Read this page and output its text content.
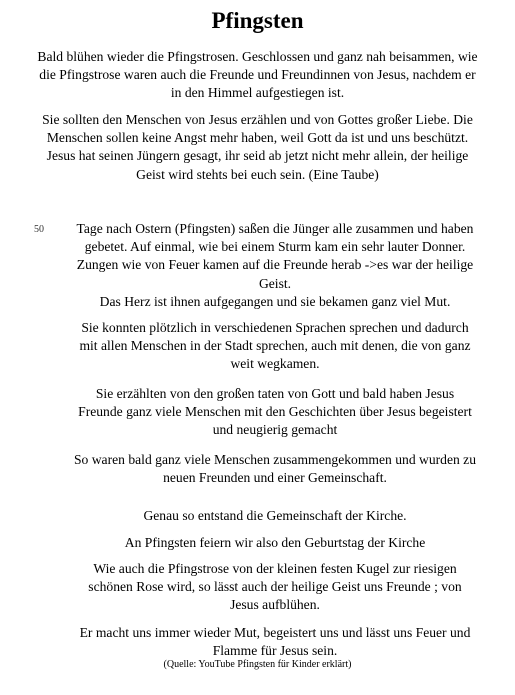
Pfingsten
Bald blühen wieder die Pfingstrosen. Geschlossen und ganz nah beisammen, wie
die Pfingstrose waren auch die Freunde und Freundinnen von Jesus, nachdem er
in den Himmel aufgestiegen ist.
Sie sollten den Menschen von Jesus erzählen und von Gottes großer Liebe. Die
Menschen sollen keine Angst mehr haben, weil Gott da ist und uns beschützt.
Jesus hat seinen Jüngern gesagt, ihr seid ab jetzt nicht mehr allein, der heilige
Geist wird stehts bei euch sein. (Eine Taube)
50	Tage nach Ostern (Pfingsten) saßen die Jünger alle zusammen und haben
gebetet. Auf einmal, wie bei einem Sturm kam ein sehr lauter Donner.
Zungen wie von Feuer kamen auf die Freunde herab ->es war der heilige
Geist.
Das Herz ist ihnen aufgegangen und sie bekamen ganz viel Mut.
Sie konnten plötzlich in verschiedenen Sprachen sprechen und dadurch
mit allen Menschen in der Stadt sprechen, auch mit denen, die von ganz
weit wegkamen.
Sie erzählten von den großen taten von Gott und bald haben Jesus
Freunde ganz viele Menschen mit den Geschichten über Jesus begeistert
und neugierig gemacht
So waren bald ganz viele Menschen zusammengekommen und wurden zu
neuen Freunden und einer Gemeinschaft.
Genau so entstand die Gemeinschaft der Kirche.
An Pfingsten feiern wir also den Geburtstag der Kirche
Wie auch die Pfingstrose von der kleinen festen Kugel zur riesigen
schönen Rose wird, so lässt auch der heilige Geist uns Freunde ; von
Jesus aufblühen.
Er macht uns immer wieder Mut, begeistert uns und lässt uns Feuer und
Flamme für Jesus sein.
(Quelle: YouTube Pfingsten für Kinder erklärt)
